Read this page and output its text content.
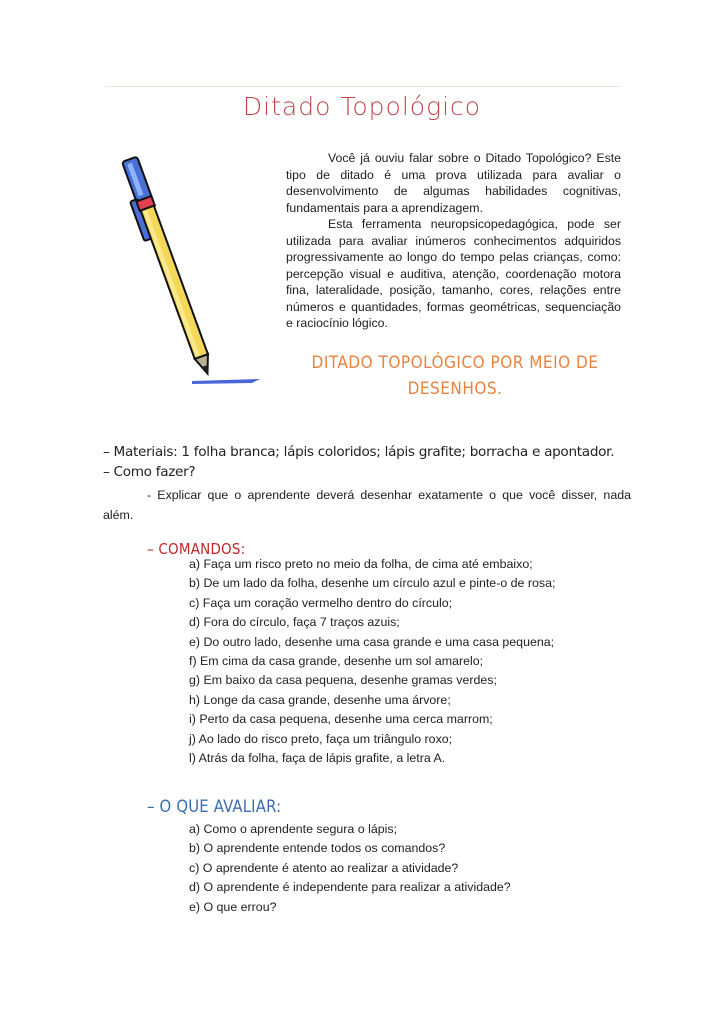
Ditado Topológico

Você já ouviu falar sobre o Ditado Topológico? Este tipo de ditado é uma prova utilizada para avaliar o desenvolvimento de algumas habilidades cognitivas, fundamentais para a aprendizagem.

Esta ferramenta neuropsicopedagógica, pode ser utilizada para avaliar inúmeros conhecimentos adquiridos progressivamente ao longo do tempo pelas crianças, como: percepção visual e auditiva, atenção, coordenação motora fina, lateralidade, posição, tamanho, cores, relações entre números e quantidades, formas geométricas, sequenciação e raciocínio lógico.

DITADO TOPOLÓGICO POR MEIO DE
DESENHOS.
– Materiais: 1 folha branca; lápis coloridos; lápis grafite; borracha e apontador.
– Como fazer?
- Explicar que o aprendente deverá desenhar exatamente o que você disser, nada além.
– COMANDOS:
a) Faça um risco preto no meio da folha, de cima até embaixo;
b) De um lado da folha, desenhe um círculo azul e pinte-o de rosa;
c) Faça um coração vermelho dentro do círculo;
d) Fora do círculo, faça 7 traços azuis;
e) Do outro lado, desenhe uma casa grande e uma casa pequena;
f) Em cima da casa grande, desenhe um sol amarelo;
g) Em baixo da casa pequena, desenhe gramas verdes;
h) Longe da casa grande, desenhe uma árvore;
i) Perto da casa pequena, desenhe uma cerca marrom;
j) Ao lado do risco preto, faça um triângulo roxo;
l) Atrás da folha, faça de lápis grafite, a letra A.
– O QUE AVALIAR:
a) Como o aprendente segura o lápis;
b) O aprendente entende todos os comandos?
c) O aprendente é atento ao realizar a atividade?
d) O aprendente é independente para realizar a atividade?
e) O que errou?
